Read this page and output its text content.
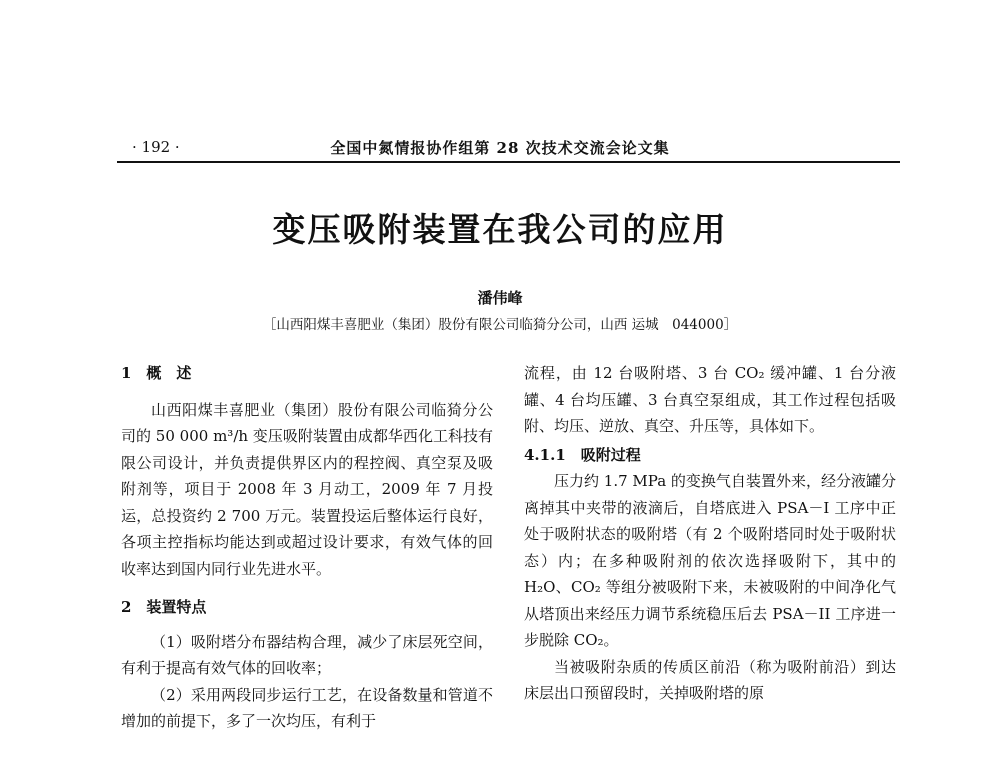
· 192 ·	全国中氮情报协作组第 28 次技术交流会论文集
变压吸附装置在我公司的应用
潘伟峰
［山西阳煤丰喜肥业（集团）股份有限公司临猗分公司，山西 运城　044000］
1　概　述

山西阳煤丰喜肥业（集团）股份有限公司临猗分公司的 50 000 m³/h 变压吸附装置由成都华西化工科技有限公司设计，并负责提供界区内的程控阀、真空泵及吸附剂等，项目于 2008 年 3 月动工，2009 年 7 月投运，总投资约 2 700 万元。装置投运后整体运行良好，各项主控指标均能达到或超过设计要求，有效气体的回收率达到国内同行业先进水平。

2　装置特点

（1）吸附塔分布器结构合理，减少了床层死空间，有利于提高有效气体的回收率；

（2）采用两段同步运行工艺，在设备数量和管道不增加的前提下，多了一次均压，有利于

流程，由 12 台吸附塔、3 台 CO₂ 缓冲罐、1 台分液罐、4 台均压罐、3 台真空泵组成，其工作过程包括吸附、均压、逆放、真空、升压等，具体如下。

4.1.1　吸附过程

压力约 1.7 MPa 的变换气自装置外来，经分液罐分离掉其中夹带的液滴后，自塔底进入 PSA－I 工序中正处于吸附状态的吸附塔（有 2 个吸附塔同时处于吸附状态）内；在多种吸附剂的依次选择吸附下，其中的 H₂O、CO₂ 等组分被吸附下来，未被吸附的中间净化气从塔顶出来经压力调节系统稳压后去 PSA－II 工序进一步脱除 CO₂。

当被吸附杂质的传质区前沿（称为吸附前沿）到达床层出口预留段时，关掉吸附塔的原
